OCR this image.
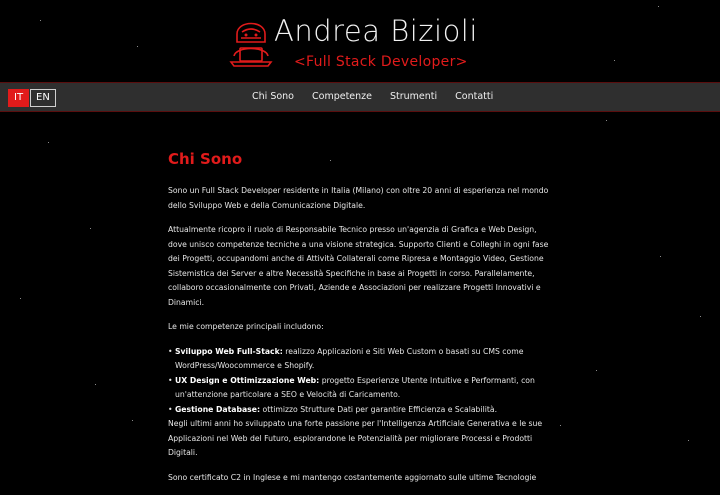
Andrea Bizioli
<Full Stack Developer>
IT	EN	Chi Sono Competenze Strumenti Contatti
Chi Sono

Sono un Full Stack Developer residente in Italia (Milano) con oltre 20 anni di esperienza nel mondo dello Sviluppo Web e della Comunicazione Digitale.

Attualmente ricopro il ruolo di Responsabile Tecnico presso un'agenzia di Grafica e Web Design, dove unisco competenze tecniche a una visione strategica. Supporto Clienti e Colleghi in ogni fase dei Progetti, occupandomi anche di Attività Collaterali come Ripresa e Montaggio Video, Gestione Sistemistica dei Server e altre Necessità Specifiche in base ai Progetti in corso. Parallelamente, collaboro occasionalmente con Privati, Aziende e Associazioni per realizzare Progetti Innovativi e Dinamici.

Le mie competenze principali includono:

• Sviluppo Web Full-Stack: realizzo Applicazioni e Siti Web Custom o basati su CMS come WordPress/Woocommerce e Shopify.
• UX Design e Ottimizzazione Web: progetto Esperienze Utente Intuitive e Performanti, con un'attenzione particolare a SEO e Velocità di Caricamento.
• Gestione Database: ottimizzo Strutture Dati per garantire Efficienza e Scalabilità.

Negli ultimi anni ho sviluppato una forte passione per l'Intelligenza Artificiale Generativa e le sue Applicazioni nel Web del Futuro, esplorandone le Potenzialità per migliorare Processi e Prodotti Digitali.

Sono certificato C2 in Inglese e mi mantengo costantemente aggiornato sulle ultime Tecnologie
